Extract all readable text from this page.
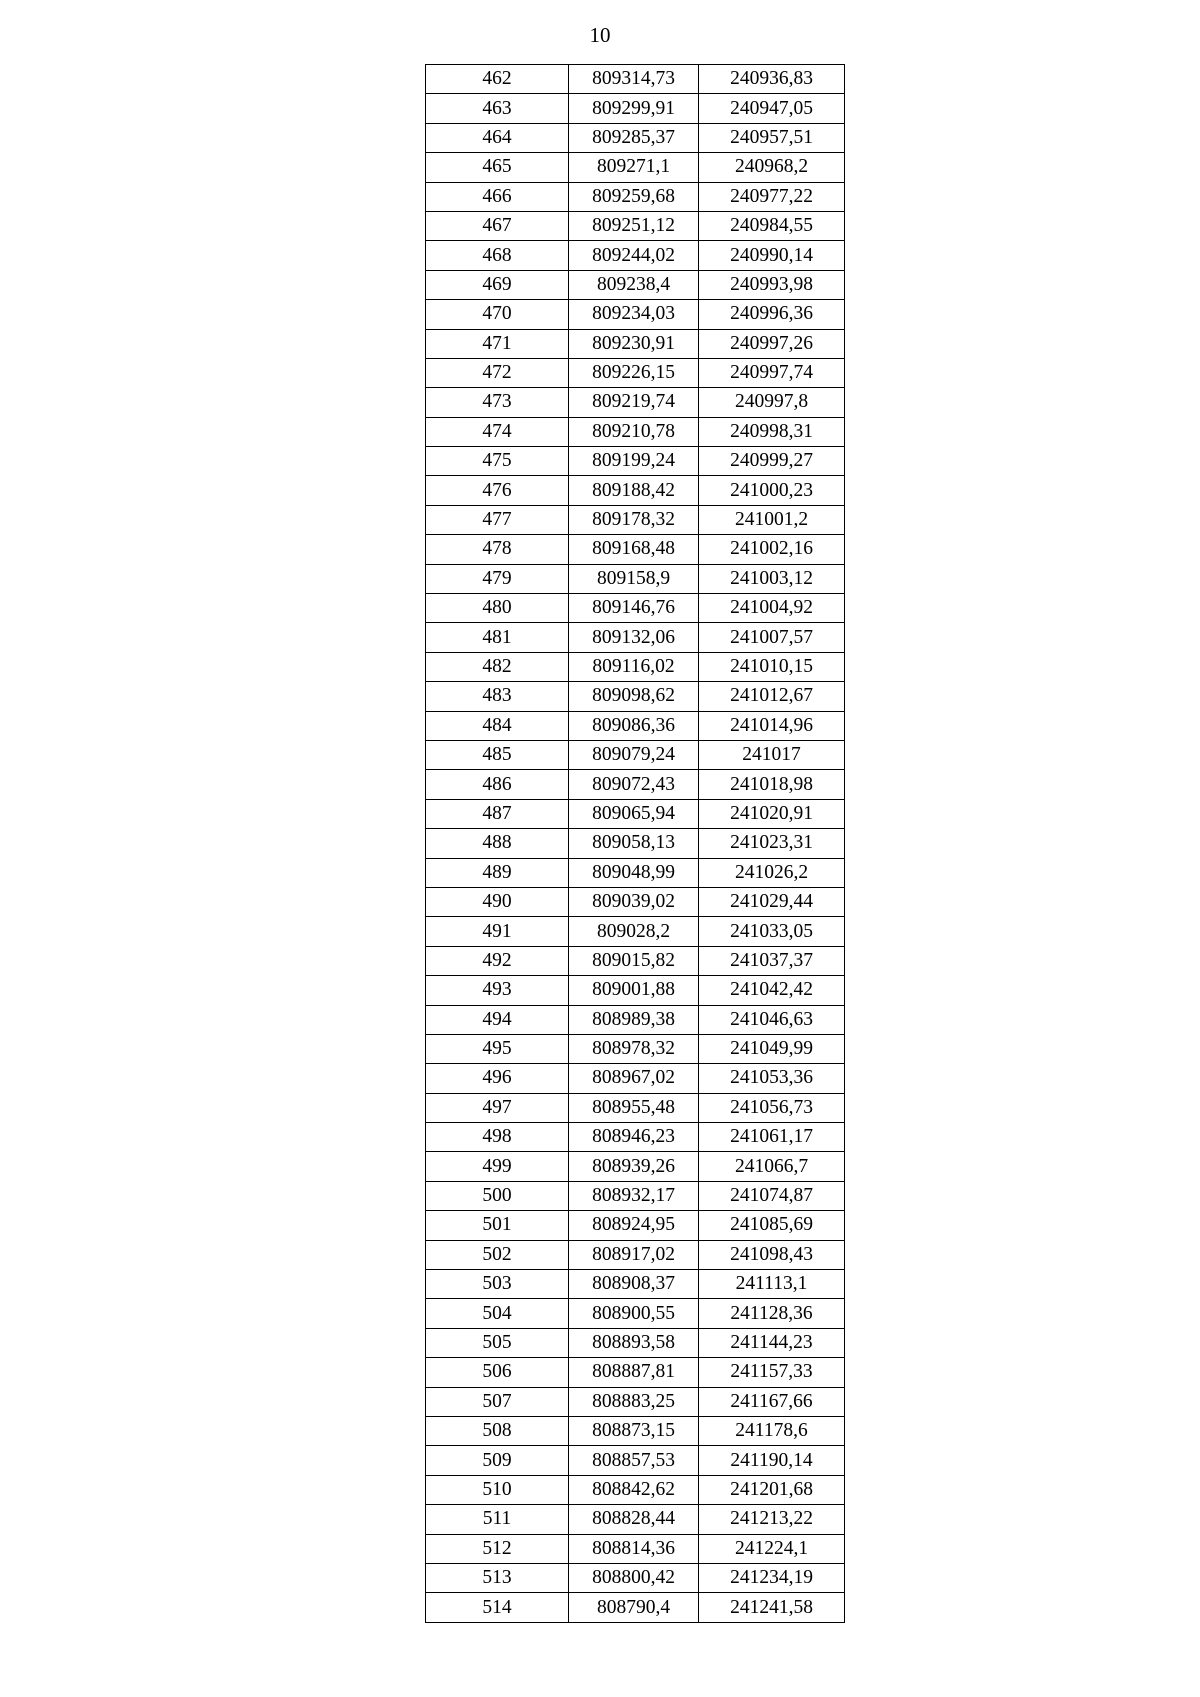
10
462	809314,73	240936,83
463	809299,91	240947,05
464	809285,37	240957,51
465	809271,1	240968,2
466	809259,68	240977,22
467	809251,12	240984,55
468	809244,02	240990,14
469	809238,4	240993,98
470	809234,03	240996,36
471	809230,91	240997,26
472	809226,15	240997,74
473	809219,74	240997,8
474	809210,78	240998,31
475	809199,24	240999,27
476	809188,42	241000,23
477	809178,32	241001,2
478	809168,48	241002,16
479	809158,9	241003,12
480	809146,76	241004,92
481	809132,06	241007,57
482	809116,02	241010,15
483	809098,62	241012,67
484	809086,36	241014,96
485	809079,24	241017
486	809072,43	241018,98
487	809065,94	241020,91
488	809058,13	241023,31
489	809048,99	241026,2
490	809039,02	241029,44
491	809028,2	241033,05
492	809015,82	241037,37
493	809001,88	241042,42
494	808989,38	241046,63
495	808978,32	241049,99
496	808967,02	241053,36
497	808955,48	241056,73
498	808946,23	241061,17
499	808939,26	241066,7
500	808932,17	241074,87
501	808924,95	241085,69
502	808917,02	241098,43
503	808908,37	241113,1
504	808900,55	241128,36
505	808893,58	241144,23
506	808887,81	241157,33
507	808883,25	241167,66
508	808873,15	241178,6
509	808857,53	241190,14
510	808842,62	241201,68
511	808828,44	241213,22
512	808814,36	241224,1
513	808800,42	241234,19
514	808790,4	241241,58
